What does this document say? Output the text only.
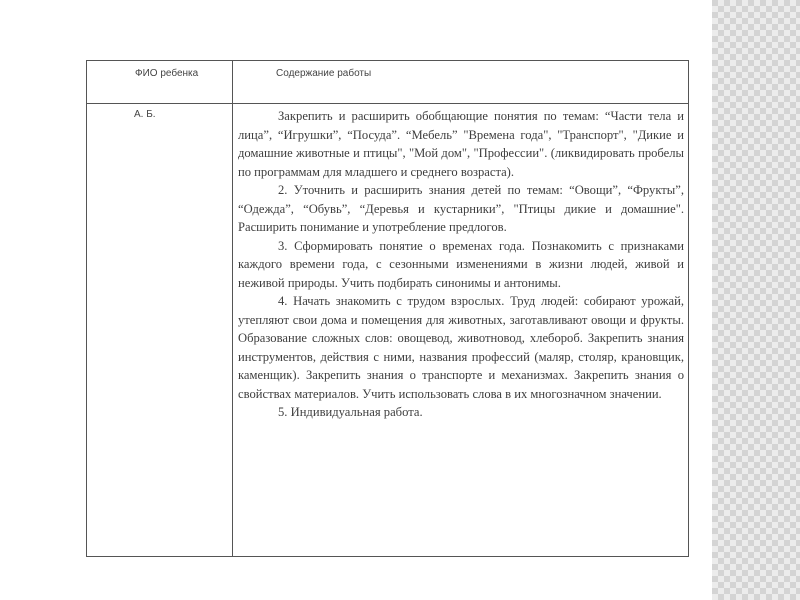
ФИО ребенка	Содержание работы
А. Б.	Закрепить и расширить обобщающие понятия по темам: “Части тела и лица”, “Игрушки”, “Посуда”. “Мебель” "Времена года", "Транспорт", "Дикие и домашние животные и птицы", "Мой дом", "Профессии". (ликвидировать пробелы по программам для младшего и среднего возраста).

2. Уточнить и расширить знания детей по темам: “Овощи”, “Фрукты”, “Одежда”, “Обувь”, “Деревья и кустарники”, "Птицы дикие и домашние". Расширить понимание и употребление предлогов.

3. Сформировать понятие о временах года. Познакомить с признаками каждого времени года, с сезонными изменениями в жизни людей, живой и неживой природы. Учить подбирать синонимы и антонимы.

4. Начать знакомить с трудом взрослых. Труд людей: собирают урожай, утепляют свои дома и помещения для животных, заготавливают овощи и фрукты. Образование сложных слов: овощевод, животновод, хлебороб. Закрепить знания инструментов, действия с ними, названия профессий (маляр, столяр, крановщик, каменщик). Закрепить знания о транспорте и механизмах. Закрепить знания о свойствах материалов. Учить использовать слова в их многозначном значении.

5. Индивидуальная работа.
